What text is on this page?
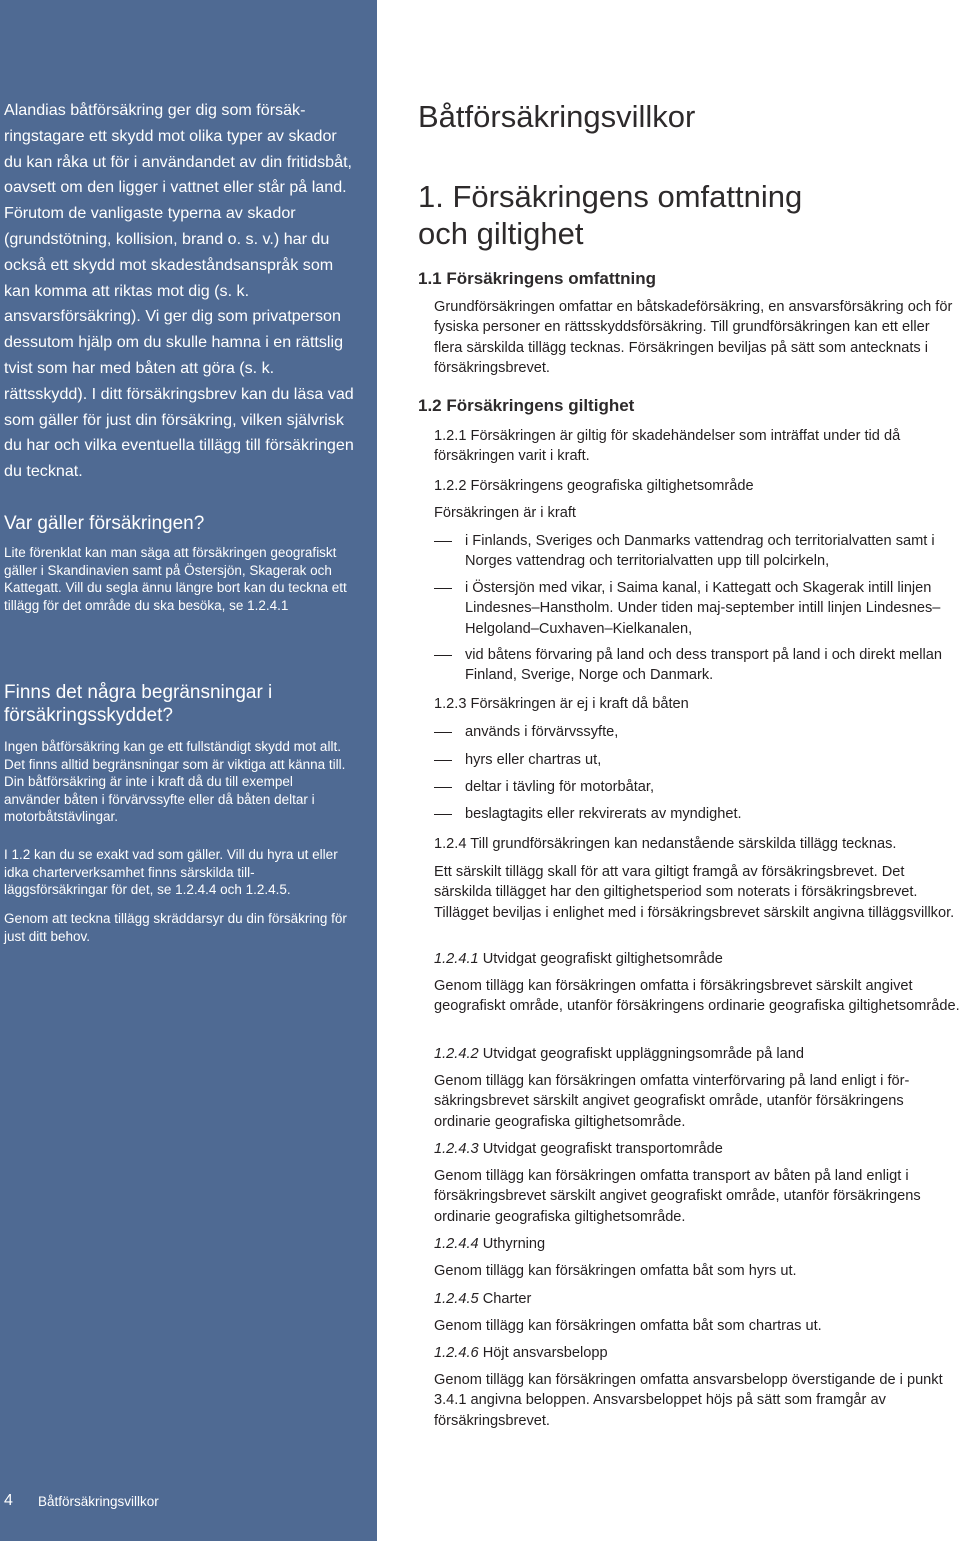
Alandias båtförsäkring ger dig som försäkringstagare ett skydd mot olika typer av skador du kan råka ut för i användandet av din fritidsbåt, oavsett om den ligger i vattnet eller står på land. Förutom de vanligaste typerna av skador (grundstötning, kollision, brand o. s. v.) har du också ett skydd mot skadeståndsanspråk som kan komma att riktas mot dig (s. k. ansvarsförsäkring). Vi ger dig som privatperson dessutom hjälp om du skulle hamna i en rättslig tvist som har med båten att göra (s. k. rättsskydd). I ditt försäkringsbrev kan du läsa vad som gäller för just din försäkring, vilken självrisk du har och vilka eventuella tillägg till försäkringen du tecknat.

Var gäller försäkringen?

Lite förenklat kan man säga att försäkringen geografiskt gäller i Skandinavien samt på Östersjön, Skagerak och Kattegatt. Vill du segla ännu längre bort kan du teckna ett tillägg för det område du ska besöka, se 1.2.4.1

Finns det några begränsningar i försäkringsskyddet?

Ingen båtförsäkring kan ge ett fullständigt skydd mot allt. Det finns alltid begränsningar som är viktiga att känna till. Din båtförsäkring är inte i kraft då du till exempel använder båten i förvärvssyfte eller då båten deltar i motorbåtstävlingar.

I 1.2 kan du se exakt vad som gäller. Vill du hyra ut eller idka charterverksamhet finns särskilda tillläggsförsäkringar för det, se 1.2.4.4 och 1.2.4.5.

Genom att teckna tillägg skräddarsyr du din försäkring för just ditt behov.

4 Båtförsäkringsvillkor
Båtförsäkringsvillkor
1. Försäkringens omfattning och giltighet
1.1 Försäkringens omfattning

Grundförsäkringen omfattar en båtskadeförsäkring, en ansvarsförsäkring och för fysiska personer en rättsskyddsförsäkring. Till grundförsäkringen kan ett eller flera särskilda tillägg tecknas. Försäkringen beviljas på sätt som antecknats i försäkringsbrevet.

1.2 Försäkringens giltighet

1.2.1 Försäkringen är giltig för skadehändelser som inträffat under tid då försäkringen varit i kraft.

1.2.2 Försäkringens geografiska giltighetsområde

Försäkringen är i kraft

i Finlands, Sveriges och Danmarks vattendrag och territorialvatten samt i Norges vattendrag och territorialvatten upp till polcirkeln,
i Östersjön med vikar, i Saima kanal, i Kattegatt och Skagerak intill linjen Lindesnes–Hanstholm. Under tiden maj-september intill linjen Lindesnes–Helgoland–Cuxhaven–Kielkanalen,
vid båtens förvaring på land och dess transport på land i och direkt mellan Finland, Sverige, Norge och Danmark.

1.2.3 Försäkringen är ej i kraft då båten

används i förvärvssyfte,
hyrs eller chartras ut,
deltar i tävling för motorbåtar,
beslagtagits eller rekvirerats av myndighet.

1.2.4 Till grundförsäkringen kan nedanstående särskilda tillägg tecknas.

Ett särskilt tillägg skall för att vara giltigt framgå av försäkringsbrevet. Det särskilda tillägget har den giltighetsperiod som noterats i försäkringsbrevet. Tillägget beviljas i enlighet med i försäkringsbrevet särskilt angivna tilläggsvillkor.

1.2.4.1 Utvidgat geografiskt giltighetsområde

Genom tillägg kan försäkringen omfatta i försäkringsbrevet särskilt angivet geografiskt område, utanför försäkringens ordinarie geografiska giltighetsområde.

1.2.4.2 Utvidgat geografiskt uppläggningsområde på land

Genom tillägg kan försäkringen omfatta vinterförvaring på land enligt i försäkringsbrevet särskilt angivet geografiskt område, utanför försäkringens ordinarie geografiska giltighetsområde.

1.2.4.3 Utvidgat geografiskt transportområde

Genom tillägg kan försäkringen omfatta transport av båten på land enligt i försäkringsbrevet särskilt angivet geografiskt område, utanför försäkringens ordinarie geografiska giltighetsområde.

1.2.4.4 Uthyrning

Genom tillägg kan försäkringen omfatta båt som hyrs ut.

1.2.4.5 Charter

Genom tillägg kan försäkringen omfatta båt som chartras ut.

1.2.4.6 Höjt ansvarsbelopp

Genom tillägg kan försäkringen omfatta ansvarsbelopp överstigande de i punkt 3.4.1 angivna beloppen. Ansvarsbeloppet höjs på sätt som framgår av försäkringsbrevet.
